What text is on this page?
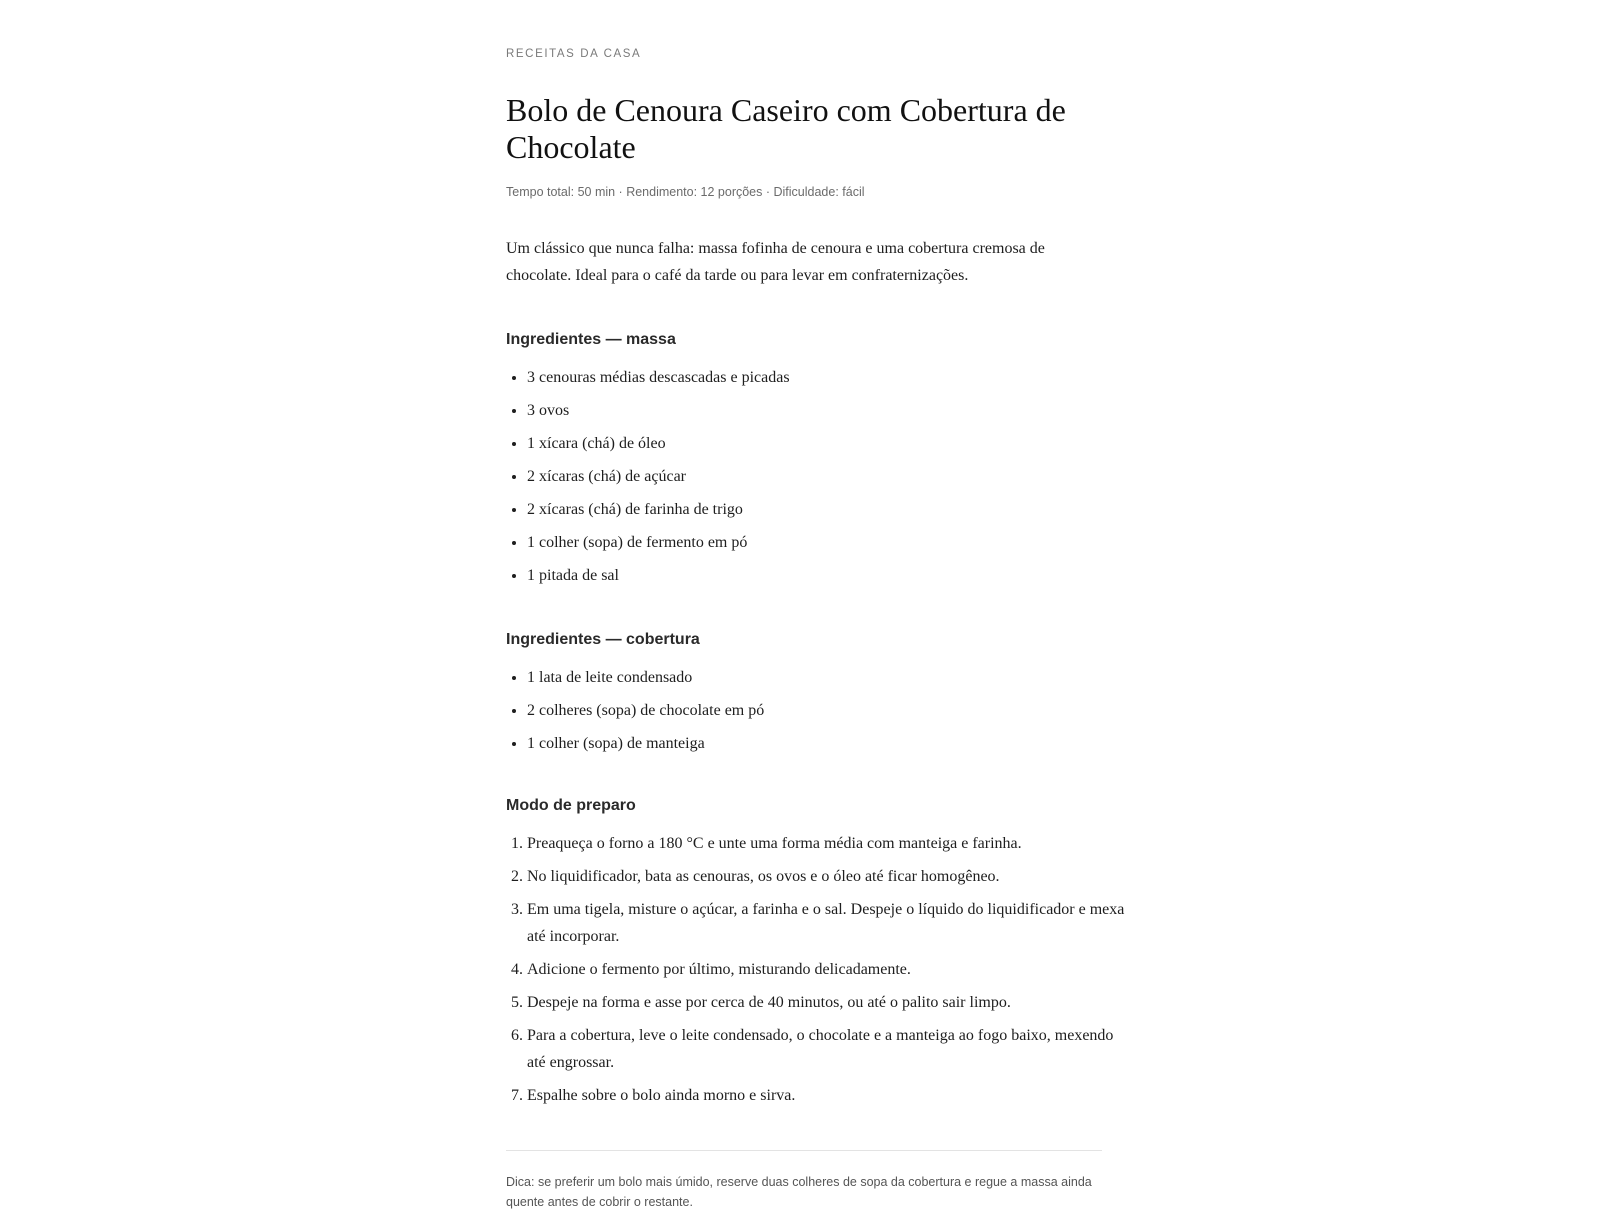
RECEITAS DA CASA
Bolo de Cenoura Caseiro com Cobertura de Chocolate
Tempo total: 50 min · Rendimento: 12 porções · Dificuldade: fácil

Um clássico que nunca falha: massa fofinha de cenoura e uma cobertura cremosa de chocolate. Ideal para o café da tarde ou para levar em confraternizações.

Ingredientes — massa
• 3 cenouras médias descascadas e picadas
• 3 ovos
• 1 xícara (chá) de óleo
• 2 xícaras (chá) de açúcar
• 2 xícaras (chá) de farinha de trigo
• 1 colher (sopa) de fermento em pó
• 1 pitada de sal
Ingredientes — cobertura
• 1 lata de leite condensado
• 2 colheres (sopa) de chocolate em pó
• 1 colher (sopa) de manteiga
Modo de preparo
1. Preaqueça o forno a 180 °C e unte uma forma média com manteiga e farinha.
2. No liquidificador, bata as cenouras, os ovos e o óleo até ficar homogêneo.
3. Em uma tigela, misture o açúcar, a farinha e o sal. Despeje o líquido do liquidificador e mexa até incorporar.
4. Adicione o fermento por último, misturando delicadamente.
5. Despeje na forma e asse por cerca de 40 minutos, ou até o palito sair limpo.
6. Para a cobertura, leve o leite condensado, o chocolate e a manteiga ao fogo baixo, mexendo até engrossar.
7. Espalhe sobre o bolo ainda morno e sirva.

Dica: se preferir um bolo mais úmido, reserve duas colheres de sopa da cobertura e regue a massa ainda quente antes de cobrir o restante.
